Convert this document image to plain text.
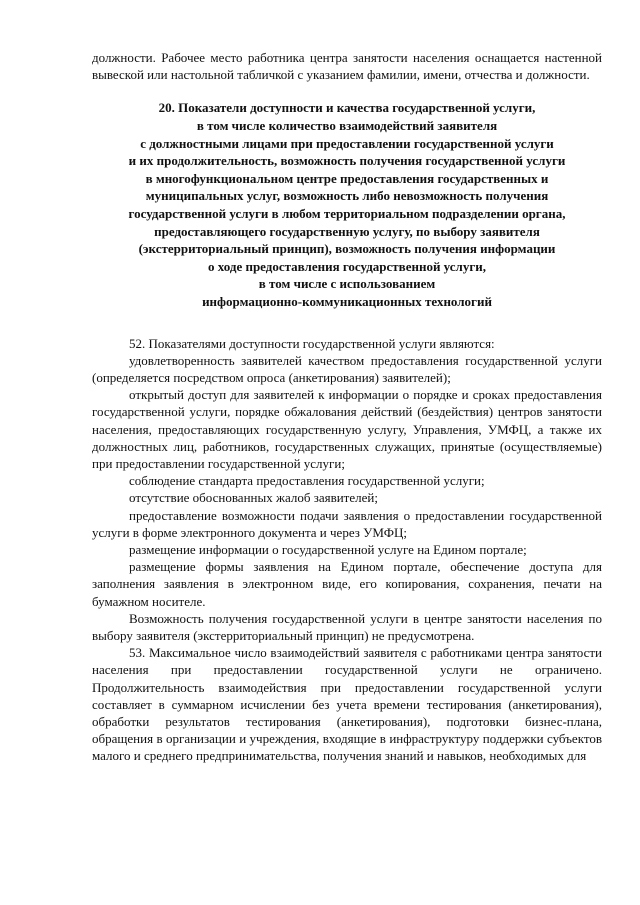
должности. Рабочее место работника центра занятости населения оснащается настенной вывеской или настольной табличкой с указанием фамилии, имени, отчества и должности.

20. Показатели доступности и качества государственной услуги,
в том числе количество взаимодействий заявителя
с должностными лицами при предоставлении государственной услуги
и их продолжительность, возможность получения государственной услуги
в многофункциональном центре предоставления государственных и
муниципальных услуг, возможность либо невозможность получения
государственной услуги в любом территориальном подразделении органа,
предоставляющего государственную услугу, по выбору заявителя
(экстерриториальный принцип), возможность получения информации
о ходе предоставления государственной услуги,
в том числе с использованием
информационно-коммуникационных технологий

52. Показателями доступности государственной услуги являются:

удовлетворенность заявителей качеством предоставления государственной услуги (определяется посредством опроса (анкетирования) заявителей);

открытый доступ для заявителей к информации о порядке и сроках предоставления государственной услуги, порядке обжалования действий (бездействия) центров занятости населения, предоставляющих государственную услугу, Управления, УМФЦ, а также их должностных лиц, работников, государственных служащих, принятые (осуществляемые) при предоставлении государственной услуги;

соблюдение стандарта предоставления государственной услуги;

отсутствие обоснованных жалоб заявителей;

предоставление возможности подачи заявления о предоставлении государственной услуги в форме электронного документа и через УМФЦ;

размещение информации о государственной услуге на Едином портале;

размещение формы заявления на Едином портале, обеспечение доступа для заполнения заявления в электронном виде, его копирования, сохранения, печати на бумажном носителе.

Возможность получения государственной услуги в центре занятости населения по выбору заявителя (экстерриториальный принцип) не предусмотрена.

53. Максимальное число взаимодействий заявителя с работниками центра занятости населения при предоставлении государственной услуги не ограничено. Продолжительность взаимодействия при предоставлении государственной услуги составляет в суммарном исчислении без учета времени тестирования (анкетирования), обработки результатов тестирования (анкетирования), подготовки бизнес-плана, обращения в организации и учреждения, входящие в инфраструктуру поддержки субъектов малого и среднего предпринимательства, получения знаний и навыков, необходимых для
